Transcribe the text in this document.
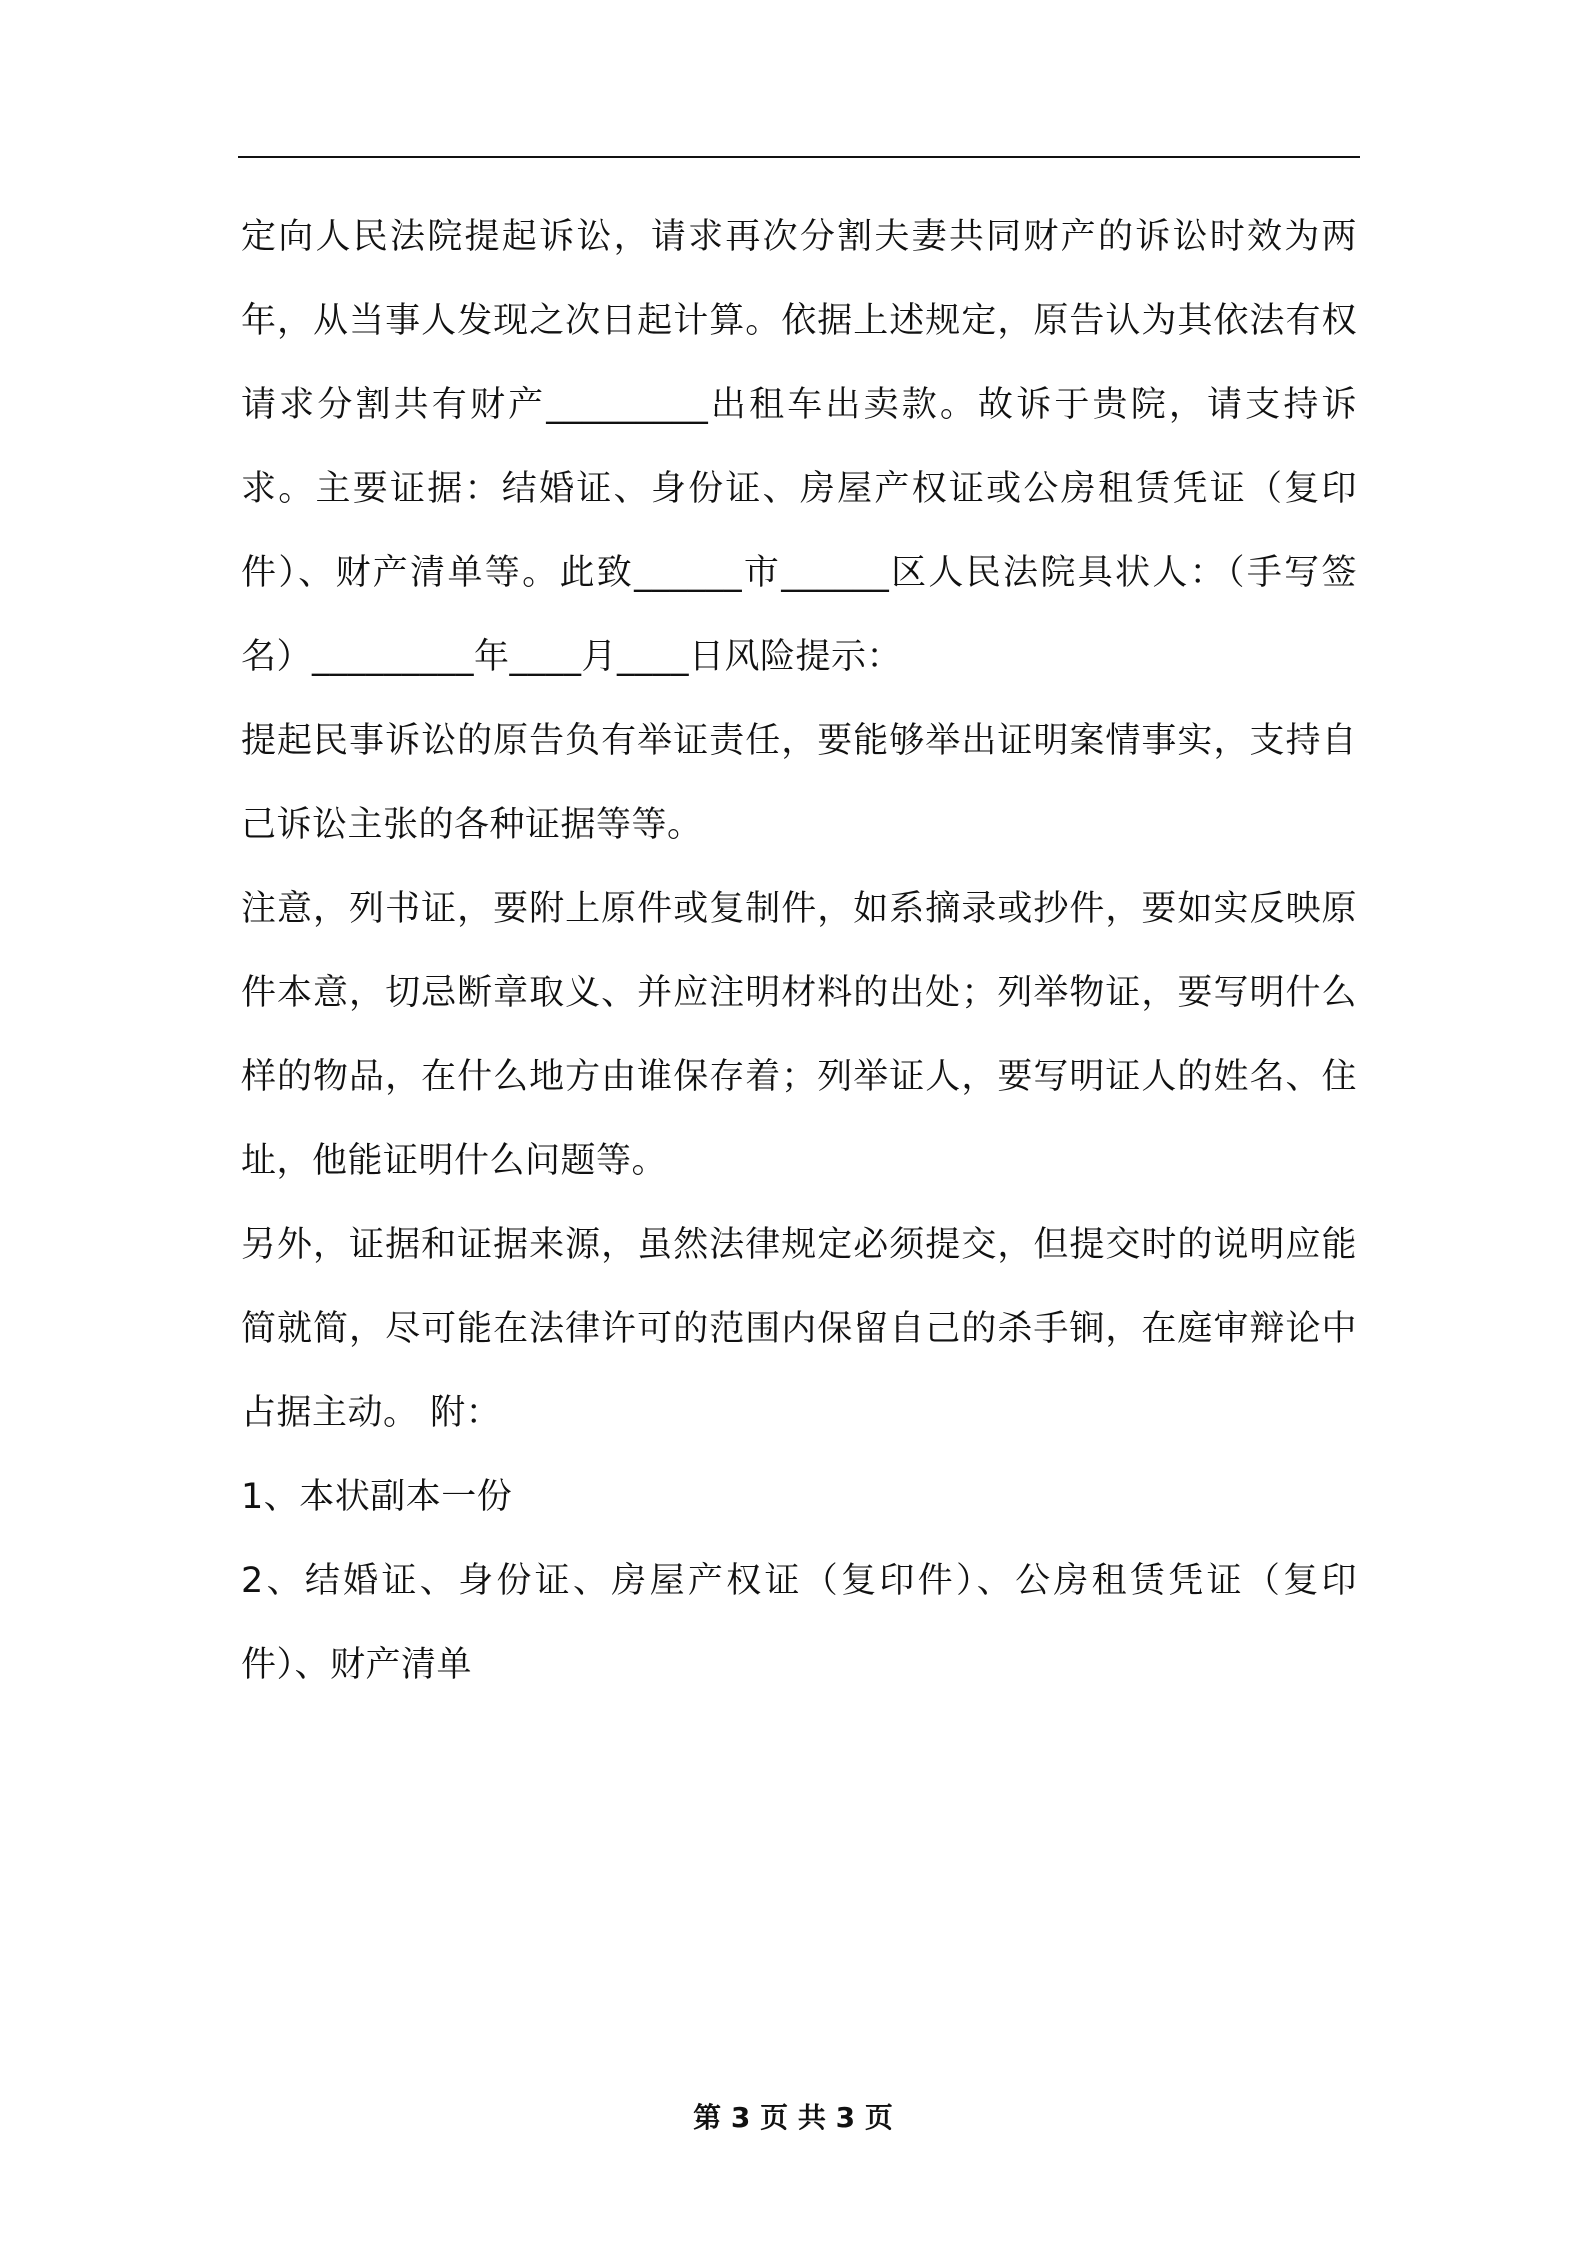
定向人民法院提起诉讼，请求再次分割夫妻共同财产的诉讼时效为两年，从当事人发现之次日起计算。依据上述规定，原告认为其依法有权请求分割共有财产_________出租车出卖款。故诉于贵院，请支持诉求。主要证据：结婚证、身份证、房屋产权证或公房租赁凭证（复印件）、财产清单等。此致______市______区人民法院具状人：（手写签名）_________年____月____日风险提示：

提起民事诉讼的原告负有举证责任，要能够举出证明案情事实，支持自己诉讼主张的各种证据等等。

注意，列书证，要附上原件或复制件，如系摘录或抄件，要如实反映原件本意，切忌断章取义、并应注明材料的出处；列举物证，要写明什么样的物品，在什么地方由谁保存着；列举证人，要写明证人的姓名、住址，他能证明什么问题等。

另外，证据和证据来源，虽然法律规定必须提交，但提交时的说明应能简就简，尽可能在法律许可的范围内保留自己的杀手锏，在庭审辩论中占据主动。 附：

1、本状副本一份

2、结婚证、身份证、房屋产权证（复印件）、公房租赁凭证（复印件）、财产清单

第 3 页 共 3 页
